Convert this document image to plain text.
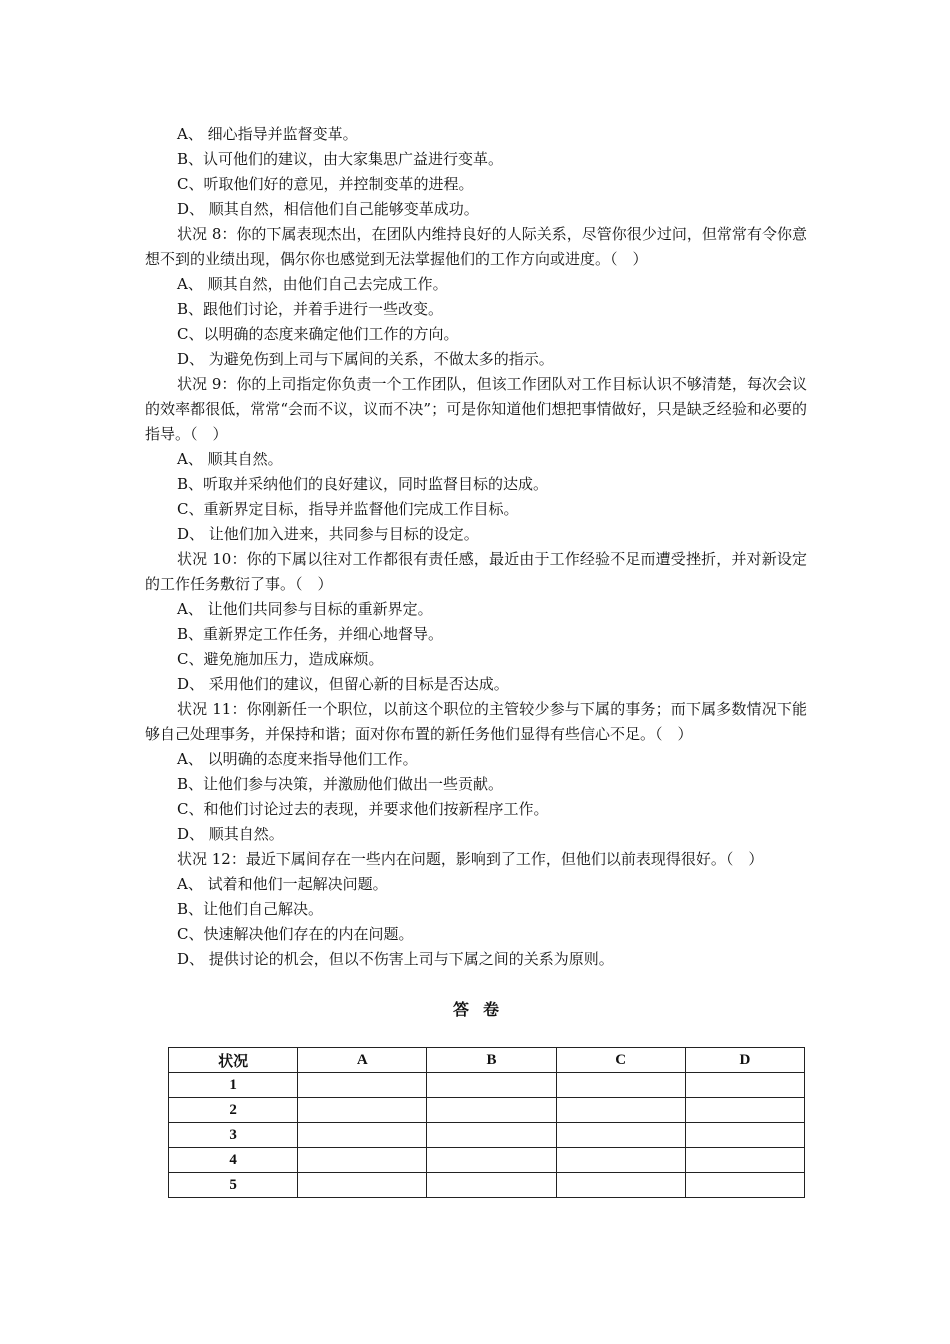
A、 细心指导并监督变革。
B、认可他们的建议，由大家集思广益进行变革。
C、听取他们好的意见，并控制变革的进程。
D、 顺其自然，相信他们自己能够变革成功。
状况 8：你的下属表现杰出，在团队内维持良好的人际关系，尽管你很少过问，但常常有令你意想不到的业绩出现，偶尔你也感觉到无法掌握他们的工作方向或进度。（　）
A、 顺其自然，由他们自己去完成工作。
B、跟他们讨论，并着手进行一些改变。
C、以明确的态度来确定他们工作的方向。
D、 为避免伤到上司与下属间的关系，不做太多的指示。
状况 9：你的上司指定你负责一个工作团队，但该工作团队对工作目标认识不够清楚，每次会议的效率都很低，常常“会而不议，议而不决”；可是你知道他们想把事情做好，只是缺乏经验和必要的指导。（　）
A、 顺其自然。
B、听取并采纳他们的良好建议，同时监督目标的达成。
C、重新界定目标，指导并监督他们完成工作目标。
D、 让他们加入进来，共同参与目标的设定。
状况 10：你的下属以往对工作都很有责任感，最近由于工作经验不足而遭受挫折，并对新设定的工作任务敷衍了事。（　）
A、 让他们共同参与目标的重新界定。
B、重新界定工作任务，并细心地督导。
C、避免施加压力，造成麻烦。
D、 采用他们的建议，但留心新的目标是否达成。
状况 11：你刚新任一个职位，以前这个职位的主管较少参与下属的事务；而下属多数情况下能够自己处理事务，并保持和谐；面对你布置的新任务他们显得有些信心不足。（　）
A、 以明确的态度来指导他们工作。
B、让他们参与决策，并激励他们做出一些贡献。
C、和他们讨论过去的表现，并要求他们按新程序工作。
D、 顺其自然。
状况 12：最近下属间存在一些内在问题，影响到了工作，但他们以前表现得很好。（　）
A、 试着和他们一起解决问题。
B、让他们自己解决。
C、快速解决他们存在的内在问题。
D、 提供讨论的机会，但以不伤害上司与下属之间的关系为原则。
答卷
状况	A	B	C	D
1				
2				
3				
4				
5				
